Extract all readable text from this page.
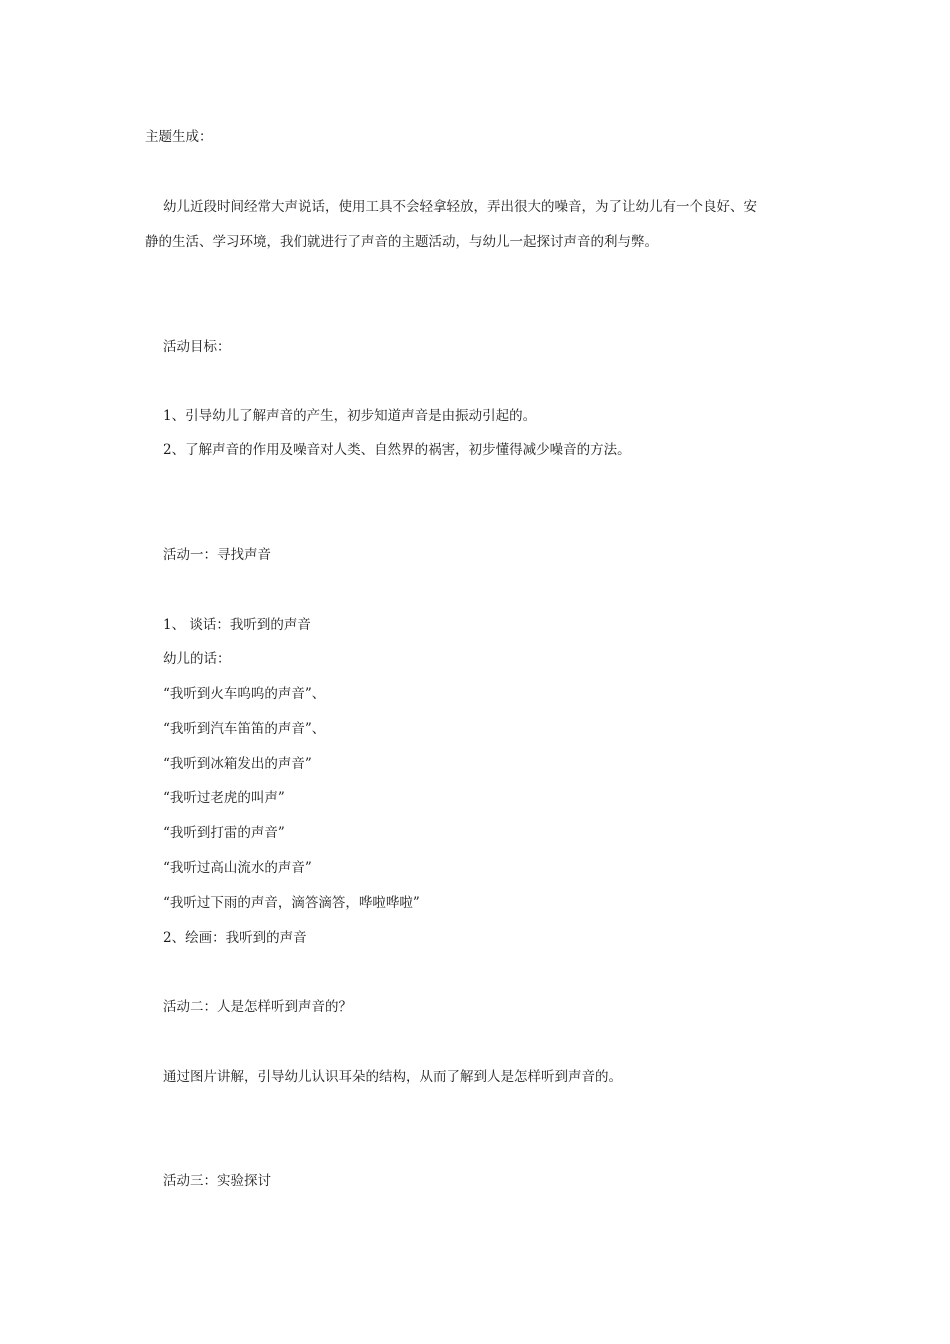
主题生成：
幼儿近段时间经常大声说话，使用工具不会轻拿轻放，弄出很大的噪音，为了让幼儿有一个良好、安
静的生活、学习环境，我们就进行了声音的主题活动，与幼儿一起探讨声音的利与弊。
活动目标：
1、引导幼儿了解声音的产生，初步知道声音是由振动引起的。
2、了解声音的作用及噪音对人类、自然界的祸害，初步懂得减少噪音的方法。
活动一：寻找声音
1、 谈话：我听到的声音
幼儿的话：
“我听到火车呜呜的声音”、
“我听到汽车笛笛的声音”、
“我听到冰箱发出的声音”
“我听过老虎的叫声”
“我听到打雷的声音”
“我听过高山流水的声音”
“我听过下雨的声音，滴答滴答，哗啦哗啦”
2、绘画：我听到的声音
活动二：人是怎样听到声音的？
通过图片讲解，引导幼儿认识耳朵的结构，从而了解到人是怎样听到声音的。
活动三：实验探讨
